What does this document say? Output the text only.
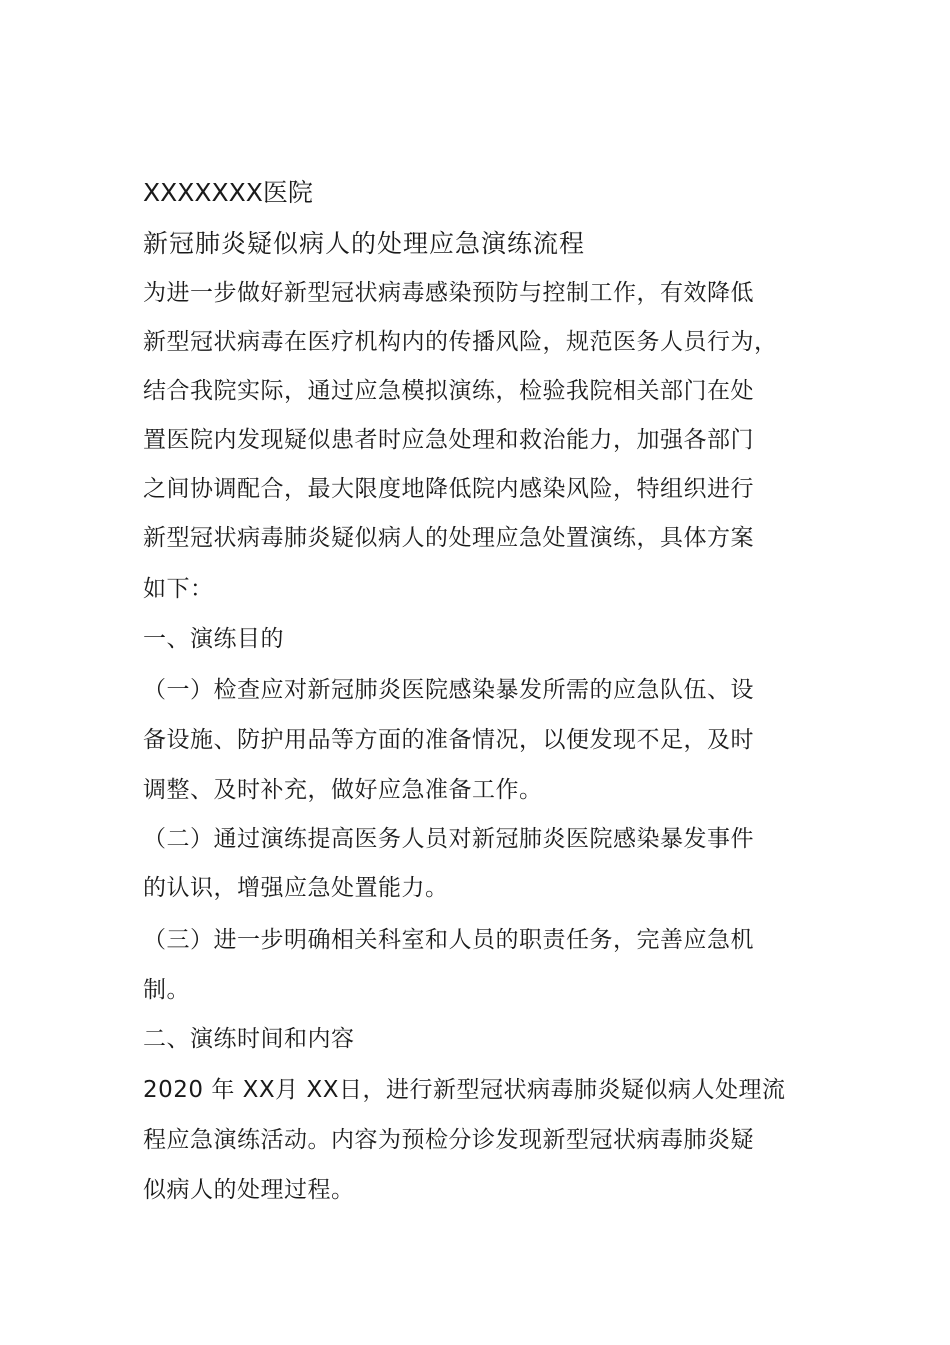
XXXXXXX医院
新冠肺炎疑似病人的处理应急演练流程
为进一步做好新型冠状病毒感染预防与控制工作，有效降低
新型冠状病毒在医疗机构内的传播风险，规范医务人员行为，
结合我院实际，通过应急模拟演练，检验我院相关部门在处
置医院内发现疑似患者时应急处理和救治能力，加强各部门
之间协调配合，最大限度地降低院内感染风险，特组织进行
新型冠状病毒肺炎疑似病人的处理应急处置演练，具体方案
如下：
一、演练目的
（一）检查应对新冠肺炎医院感染暴发所需的应急队伍、设
备设施、防护用品等方面的准备情况，以便发现不足，及时
调整、及时补充，做好应急准备工作。
（二）通过演练提高医务人员对新冠肺炎医院感染暴发事件
的认识，增强应急处置能力。
（三）进一步明确相关科室和人员的职责任务，完善应急机
制。
二、演练时间和内容
2020 年 XX月 XX日，进行新型冠状病毒肺炎疑似病人处理流
程应急演练活动。内容为预检分诊发现新型冠状病毒肺炎疑
似病人的处理过程。
